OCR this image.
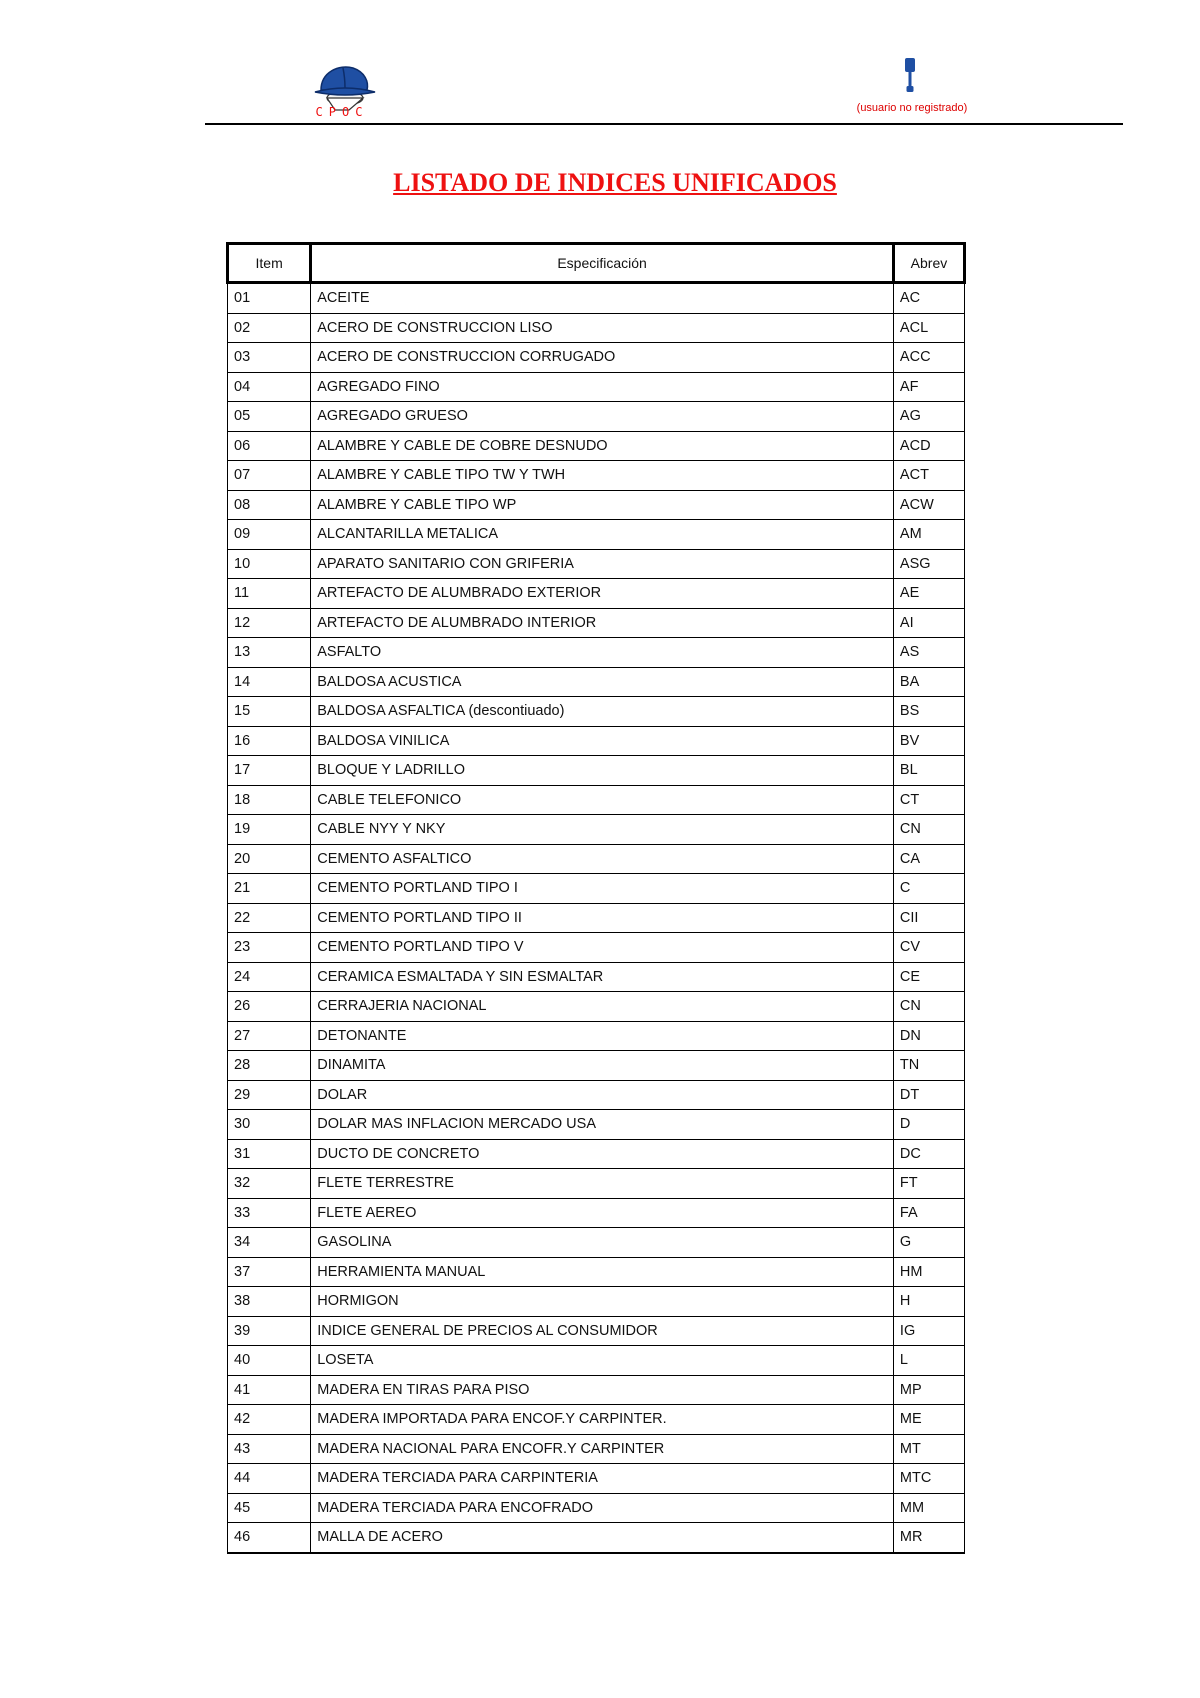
CPOC	(usuario no registrado)
LISTADO DE INDICES UNIFICADOS
Item	Especificación	Abrev
01	ACEITE	AC
02	ACERO DE CONSTRUCCION LISO	ACL
03	ACERO DE CONSTRUCCION CORRUGADO	ACC
04	AGREGADO FINO	AF
05	AGREGADO GRUESO	AG
06	ALAMBRE Y CABLE DE COBRE DESNUDO	ACD
07	ALAMBRE Y CABLE TIPO TW Y TWH	ACT
08	ALAMBRE Y CABLE TIPO WP	ACW
09	ALCANTARILLA METALICA	AM
10	APARATO SANITARIO CON GRIFERIA	ASG
11	ARTEFACTO DE ALUMBRADO EXTERIOR	AE
12	ARTEFACTO DE ALUMBRADO INTERIOR	AI
13	ASFALTO	AS
14	BALDOSA ACUSTICA	BA
15	BALDOSA ASFALTICA (descontiuado)	BS
16	BALDOSA VINILICA	BV
17	BLOQUE Y LADRILLO	BL
18	CABLE TELEFONICO	CT
19	CABLE NYY Y NKY	CN
20	CEMENTO ASFALTICO	CA
21	CEMENTO PORTLAND TIPO I	C
22	CEMENTO PORTLAND TIPO II	CII
23	CEMENTO PORTLAND TIPO V	CV
24	CERAMICA ESMALTADA Y SIN ESMALTAR	CE
26	CERRAJERIA NACIONAL	CN
27	DETONANTE	DN
28	DINAMITA	TN
29	DOLAR	DT
30	DOLAR MAS INFLACION MERCADO USA	D
31	DUCTO DE CONCRETO	DC
32	FLETE TERRESTRE	FT
33	FLETE AEREO	FA
34	GASOLINA	G
37	HERRAMIENTA MANUAL	HM
38	HORMIGON	H
39	INDICE GENERAL DE PRECIOS AL CONSUMIDOR	IG
40	LOSETA	L
41	MADERA EN TIRAS PARA PISO	MP
42	MADERA IMPORTADA PARA ENCOF.Y CARPINTER.	ME
43	MADERA NACIONAL PARA ENCOFR.Y CARPINTER	MT
44	MADERA TERCIADA PARA CARPINTERIA	MTC
45	MADERA TERCIADA PARA ENCOFRADO	MM
46	MALLA DE ACERO	MR
